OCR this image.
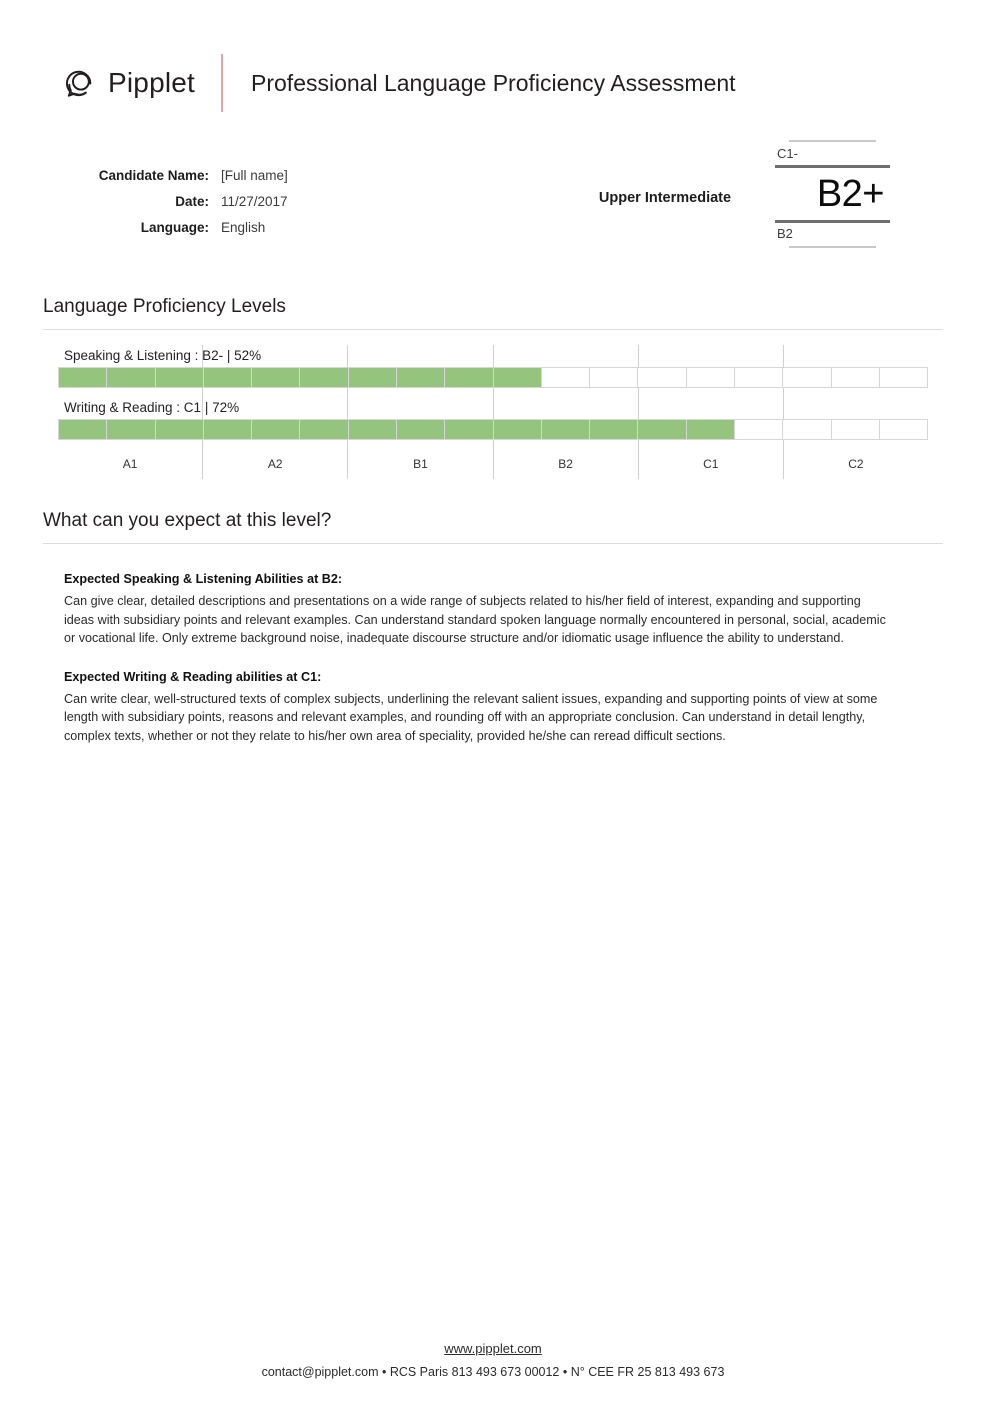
Pipplet	Professional Language Proficiency Assessment
Candidate Name: [Full name]
Date: 11/27/2017
Language: English
Upper Intermediate
C1-
B2+
B2
Language Proficiency Levels
Speaking & Listening : B2- | 52%
Writing & Reading : C1 | 72%
A1	A2	B1	B2	C1	C2
What can you expect at this level?
Expected Speaking & Listening Abilities at B2:
Can give clear, detailed descriptions and presentations on a wide range of subjects related to his/her field of interest, expanding and supporting ideas with subsidiary points and relevant examples. Can understand standard spoken language normally encountered in personal, social, academic or vocational life. Only extreme background noise, inadequate discourse structure and/or idiomatic usage influence the ability to understand.
Expected Writing & Reading abilities at C1:
Can write clear, well-structured texts of complex subjects, underlining the relevant salient issues, expanding and supporting points of view at some length with subsidiary points, reasons and relevant examples, and rounding off with an appropriate conclusion. Can understand in detail lengthy, complex texts, whether or not they relate to his/her own area of speciality, provided he/she can reread difficult sections.
www.pipplet.com
contact@pipplet.com • RCS Paris 813 493 673 00012 • N° CEE FR 25 813 493 673
